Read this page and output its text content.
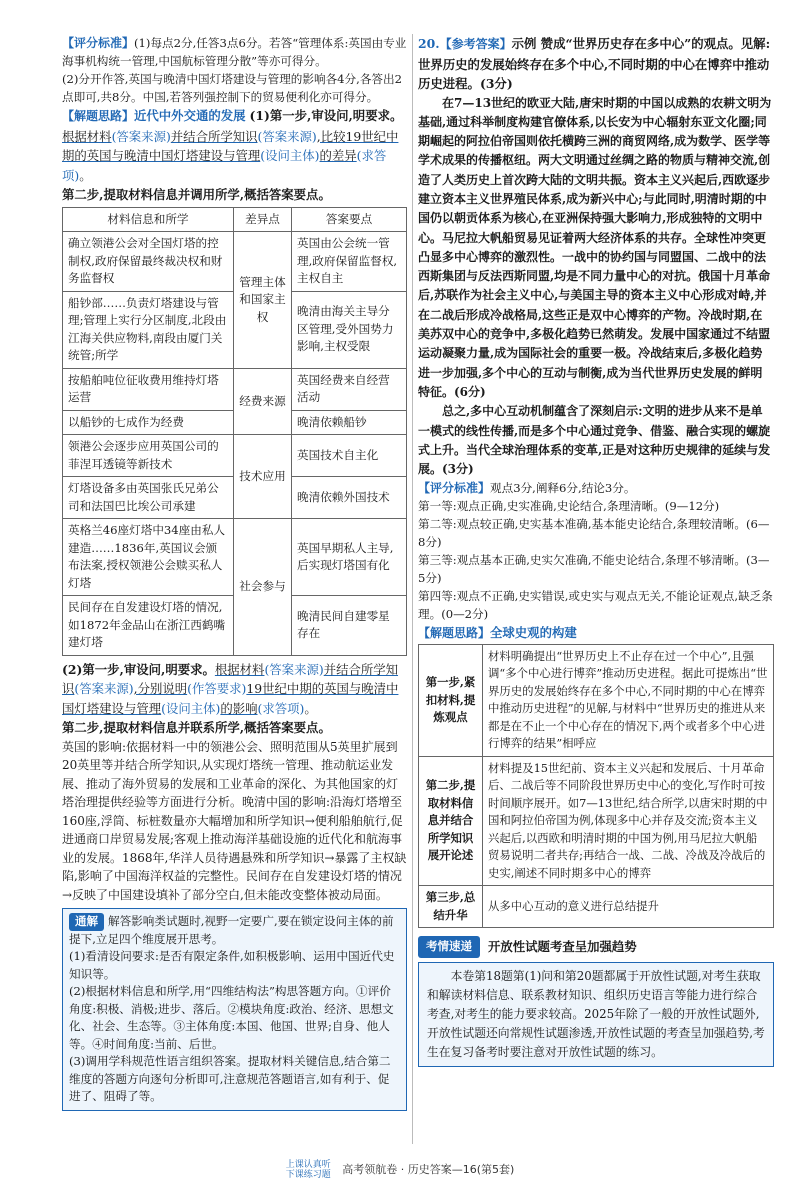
【评分标准】(1)每点2分,任答3点6分。若答“管理体系:英国由专业海事机构统一管理,中国航标管理分散”等亦可得分。

(2)分开作答,英国与晚清中国灯塔建设与管理的影响各4分,各答出2点即可,共8分。中国,若答列强控制下的贸易便利化亦可得分。

【解题思路】近代中外交通的发展 (1)第一步,审设问,明要求。根据材料(答案来源)并结合所学知识(答案来源),比较19世纪中期的英国与晚清中国灯塔建设与管理(设问主体)的差异(求答项)。

第二步,提取材料信息并调用所学,概括答案要点。

材料信息和所学	差异点	答案要点
确立领港公会对全国灯塔的控制权,政府保留最终裁决权和财务监督权	管理主体和国家主权	英国由公会统一管理,政府保留监督权,主权自主
船钞部……负责灯塔建设与管理;管理上实行分区制度,北段由江海关供应物料,南段由厦门关统管;所学		晚清由海关主导分区管理,受外国势力影响,主权受限
按船舶吨位征收费用维持灯塔运营	经费来源	英国经费来自经营活动
以船钞的七成作为经费		晚清依赖船钞
领港公会逐步应用英国公司的菲涅耳透镜等新技术	技术应用	英国技术自主化
灯塔设备多由英国张氏兄弟公司和法国巴比埃公司承建		晚清依赖外国技术
英格兰46座灯塔中34座由私人建造……1836年,英国议会颁布法案,授权领港公会赎买私人灯塔	社会参与	英国早期私人主导,后实现灯塔国有化
民间存在自发建设灯塔的情况,如1872年金品山在浙江西鹤嘴建灯塔		晚清民间自建零星存在

(2)第一步,审设问,明要求。根据材料(答案来源)并结合所学知识(答案来源),分别说明(作答要求)19世纪中期的英国与晚清中国灯塔建设与管理(设问主体)的影响(求答项)。

第二步,提取材料信息并联系所学,概括答案要点。

英国的影响:依据材料一中的领港公会、照明范围从5英里扩展到20英里等并结合所学知识,从实现灯塔统一管理、推动航运业发展、推动了海外贸易的发展和工业革命的深化、为其他国家的灯塔治理提供经验等方面进行分析。晚清中国的影响:沿海灯塔增至160座,浮筒、标桩数量亦大幅增加和所学知识→便利船舶航行,促进通商口岸贸易发展;客观上推动海洋基础设施的近代化和航海事业的发展。1868年,华洋人员待遇悬殊和所学知识→暴露了主权缺陷,影响了中国海洋权益的完整性。民间存在自发建设灯塔的情况→反映了中国建设填补了部分空白,但未能改变整体被动局面。

通解 解答影响类试题时,视野一定要广,要在锁定设问主体的前提下,立足四个维度展开思考。

(1)看清设问要求:是否有限定条件,如积极影响、运用中国近代史知识等。

(2)根据材料信息和所学,用“四维结构法”构思答题方向。①评价角度:积极、消极;进步、落后。②模块角度:政治、经济、思想文化、社会、生态等。③主体角度:本国、他国、世界;自身、他人等。④时间角度:当前、后世。

(3)调用学科规范性语言组织答案。提取材料关键信息,结合第二维度的答题方向逐句分析即可,注意规范答题语言,如有利于、促进了、阻碍了等。

20.【参考答案】示例 赞成“世界历史存在多中心”的观点。见解:世界历史的发展始终存在多个中心,不同时期的中心在博弈中推动历史进程。(3分)

在7—13世纪的欧亚大陆,唐宋时期的中国以成熟的农耕文明为基础,通过科举制度构建官僚体系,以长安为中心辐射东亚文化圈;同期崛起的阿拉伯帝国则依托横跨三洲的商贸网络,成为数学、医学等学术成果的传播枢纽。两大文明通过丝绸之路的物质与精神交流,创造了人类历史上首次跨大陆的文明共振。资本主义兴起后,西欧逐步建立资本主义世界殖民体系,成为新兴中心;与此同时,明清时期的中国仍以朝贡体系为核心,在亚洲保持强大影响力,形成独特的文明中心。马尼拉大帆船贸易见证着两大经济体系的共存。全球性冲突更凸显多中心博弈的激烈性。一战中的协约国与同盟国、二战中的法西斯集团与反法西斯同盟,均是不同力量中心的对抗。俄国十月革命后,苏联作为社会主义中心,与美国主导的资本主义中心形成对峙,并在二战后形成冷战格局,这些正是双中心博弈的产物。冷战时期,在美苏双中心的竞争中,多极化趋势已然萌发。发展中国家通过不结盟运动凝聚力量,成为国际社会的重要一极。冷战结束后,多极化趋势进一步加强,多个中心的互动与制衡,成为当代世界历史发展的鲜明特征。(6分)

总之,多中心互动机制蕴含了深刻启示:文明的进步从来不是单一模式的线性传播,而是多个中心通过竞争、借鉴、融合实现的螺旋式上升。当代全球治理体系的变革,正是对这种历史规律的延续与发展。(3分)

【评分标准】观点3分,阐释6分,结论3分。

第一等:观点正确,史实准确,史论结合,条理清晰。(9—12分)

第二等:观点较正确,史实基本准确,基本能史论结合,条理较清晰。(6—8分)

第三等:观点基本正确,史实欠准确,不能史论结合,条理不够清晰。(3—5分)

第四等:观点不正确,史实错误,或史实与观点无关,不能论证观点,缺乏条理。(0—2分)

【解题思路】全球史观的构建

第一步,紧扣材料,提炼观点	材料明确提出“世界历史上不止存在过一个中心”,且强调“多个中心进行博弈”推动历史进程。据此可提炼出“世界历史的发展始终存在多个中心,不同时期的中心在博弈中推动历史进程”的见解,与材料中“世界历史的推进从来都是在不止一个中心存在的情况下,两个或者多个中心进行博弈的结果”相呼应
第二步,提取材料信息并结合所学知识展开论述	材料提及15世纪前、资本主义兴起和发展后、十月革命后、二战后等不同阶段世界历史中心的变化,写作时可按时间顺序展开。如7—13世纪,结合所学,以唐宋时期的中国和阿拉伯帝国为例,体现多中心并存及交流;资本主义兴起后,以西欧和明清时期的中国为例,用马尼拉大帆船贸易说明二者共存;再结合一战、二战、冷战及冷战后的史实,阐述不同时期多中心的博弈
第三步,总结升华	从多中心互动的意义进行总结提升
考情速递	开放性试题考查呈加强趋势

本卷第18题第(1)问和第20题都属于开放性试题,对考生获取和解读材料信息、联系教材知识、组织历史语言等能力进行综合考查,对考生的能力要求较高。2025年除了一般的开放性试题外,开放性试题还向常规性试题渗透,开放性试题的考查呈加强趋势,考生在复习备考时要注意对开放性试题的练习。

上课认真听
下课练习题 高考领航卷 · 历史答案—16(第5套)
